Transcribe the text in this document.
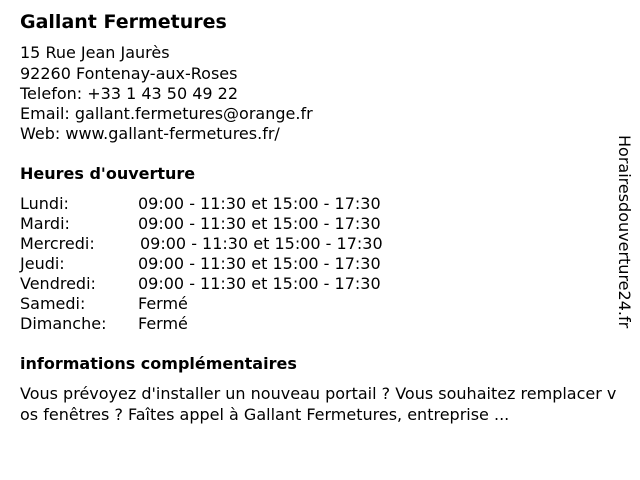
Gallant Fermetures

15 Rue Jean Jaurès

92260 Fontenay-aux-Roses

Telefon: +33 1 43 50 49 22

Email: gallant.fermetures@orange.fr

Web: www.gallant-fermetures.fr/

Heures d'ouverture
Lundi:	09:00 - 11:30 et 15:00 - 17:30
Mardi:	09:00 - 11:30 et 15:00 - 17:30
Mercredi:	09:00 - 11:30 et 15:00 - 17:30
Jeudi:	09:00 - 11:30 et 15:00 - 17:30
Vendredi:	09:00 - 11:30 et 15:00 - 17:30
Samedi:	Fermé
Dimanche: Fermé
informations complémentaires

Vous prévoyez d'installer un nouveau portail ? Vous souhaitez remplacer vos fenêtres ? Faîtes appel à Gallant Fermetures, entreprise ...

Horairesdouverture24.fr
